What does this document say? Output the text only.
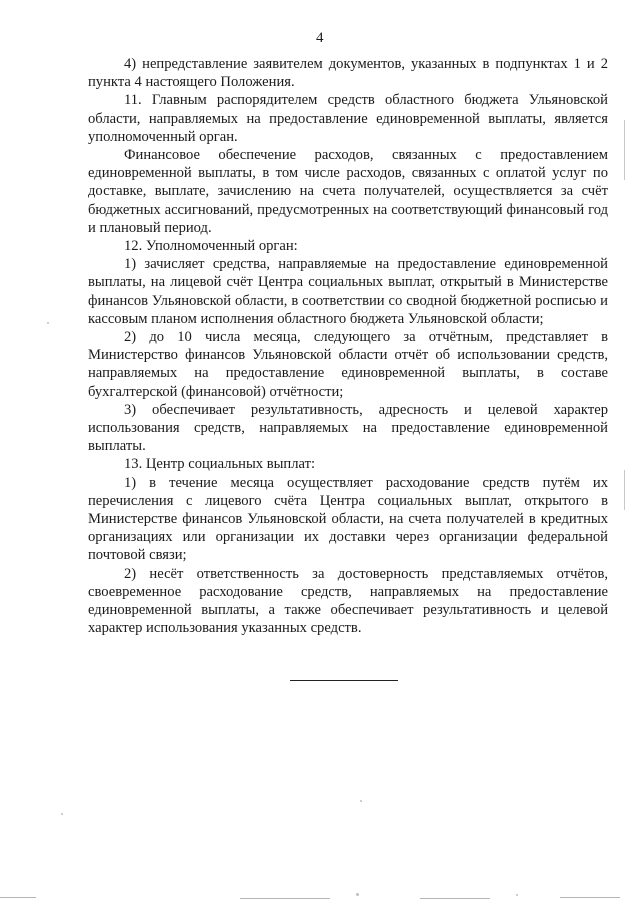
4

4) непредставление заявителем документов, указанных в подпунктах 1 и 2 пункта 4 настоящего Положения.

11. Главным распорядителем средств областного бюджета Ульяновской области, направляемых на предоставление единовременной выплаты, является уполномоченный орган.

Финансовое обеспечение расходов, связанных с предоставлением единовременной выплаты, в том числе расходов, связанных с оплатой услуг по доставке, выплате, зачислению на счета получателей, осуществляется за счёт бюджетных ассигнований, предусмотренных на соответствующий финансовый год и плановый период.

12. Уполномоченный орган:

1) зачисляет средства, направляемые на предоставление единовременной выплаты, на лицевой счёт Центра социальных выплат, открытый в Министерстве финансов Ульяновской области, в соответствии со сводной бюджетной росписью и кассовым планом исполнения областного бюджета Ульяновской области;

2) до 10 числа месяца, следующего за отчётным, представляет в Министерство финансов Ульяновской области отчёт об использовании средств, направляемых на предоставление единовременной выплаты, в составе бухгалтерской (финансовой) отчётности;

3) обеспечивает результативность, адресность и целевой характер использования средств, направляемых на предоставление единовременной выплаты.

13. Центр социальных выплат:

1) в течение месяца осуществляет расходование средств путём их перечисления с лицевого счёта Центра социальных выплат, открытого в Министерстве финансов Ульяновской области, на счета получателей в кредитных организациях или организации их доставки через организации федеральной почтовой связи;

2) несёт ответственность за достоверность представляемых отчётов, своевременное расходование средств, направляемых на предоставление единовременной выплаты, а также обеспечивает результативность и целевой характер использования указанных средств.
